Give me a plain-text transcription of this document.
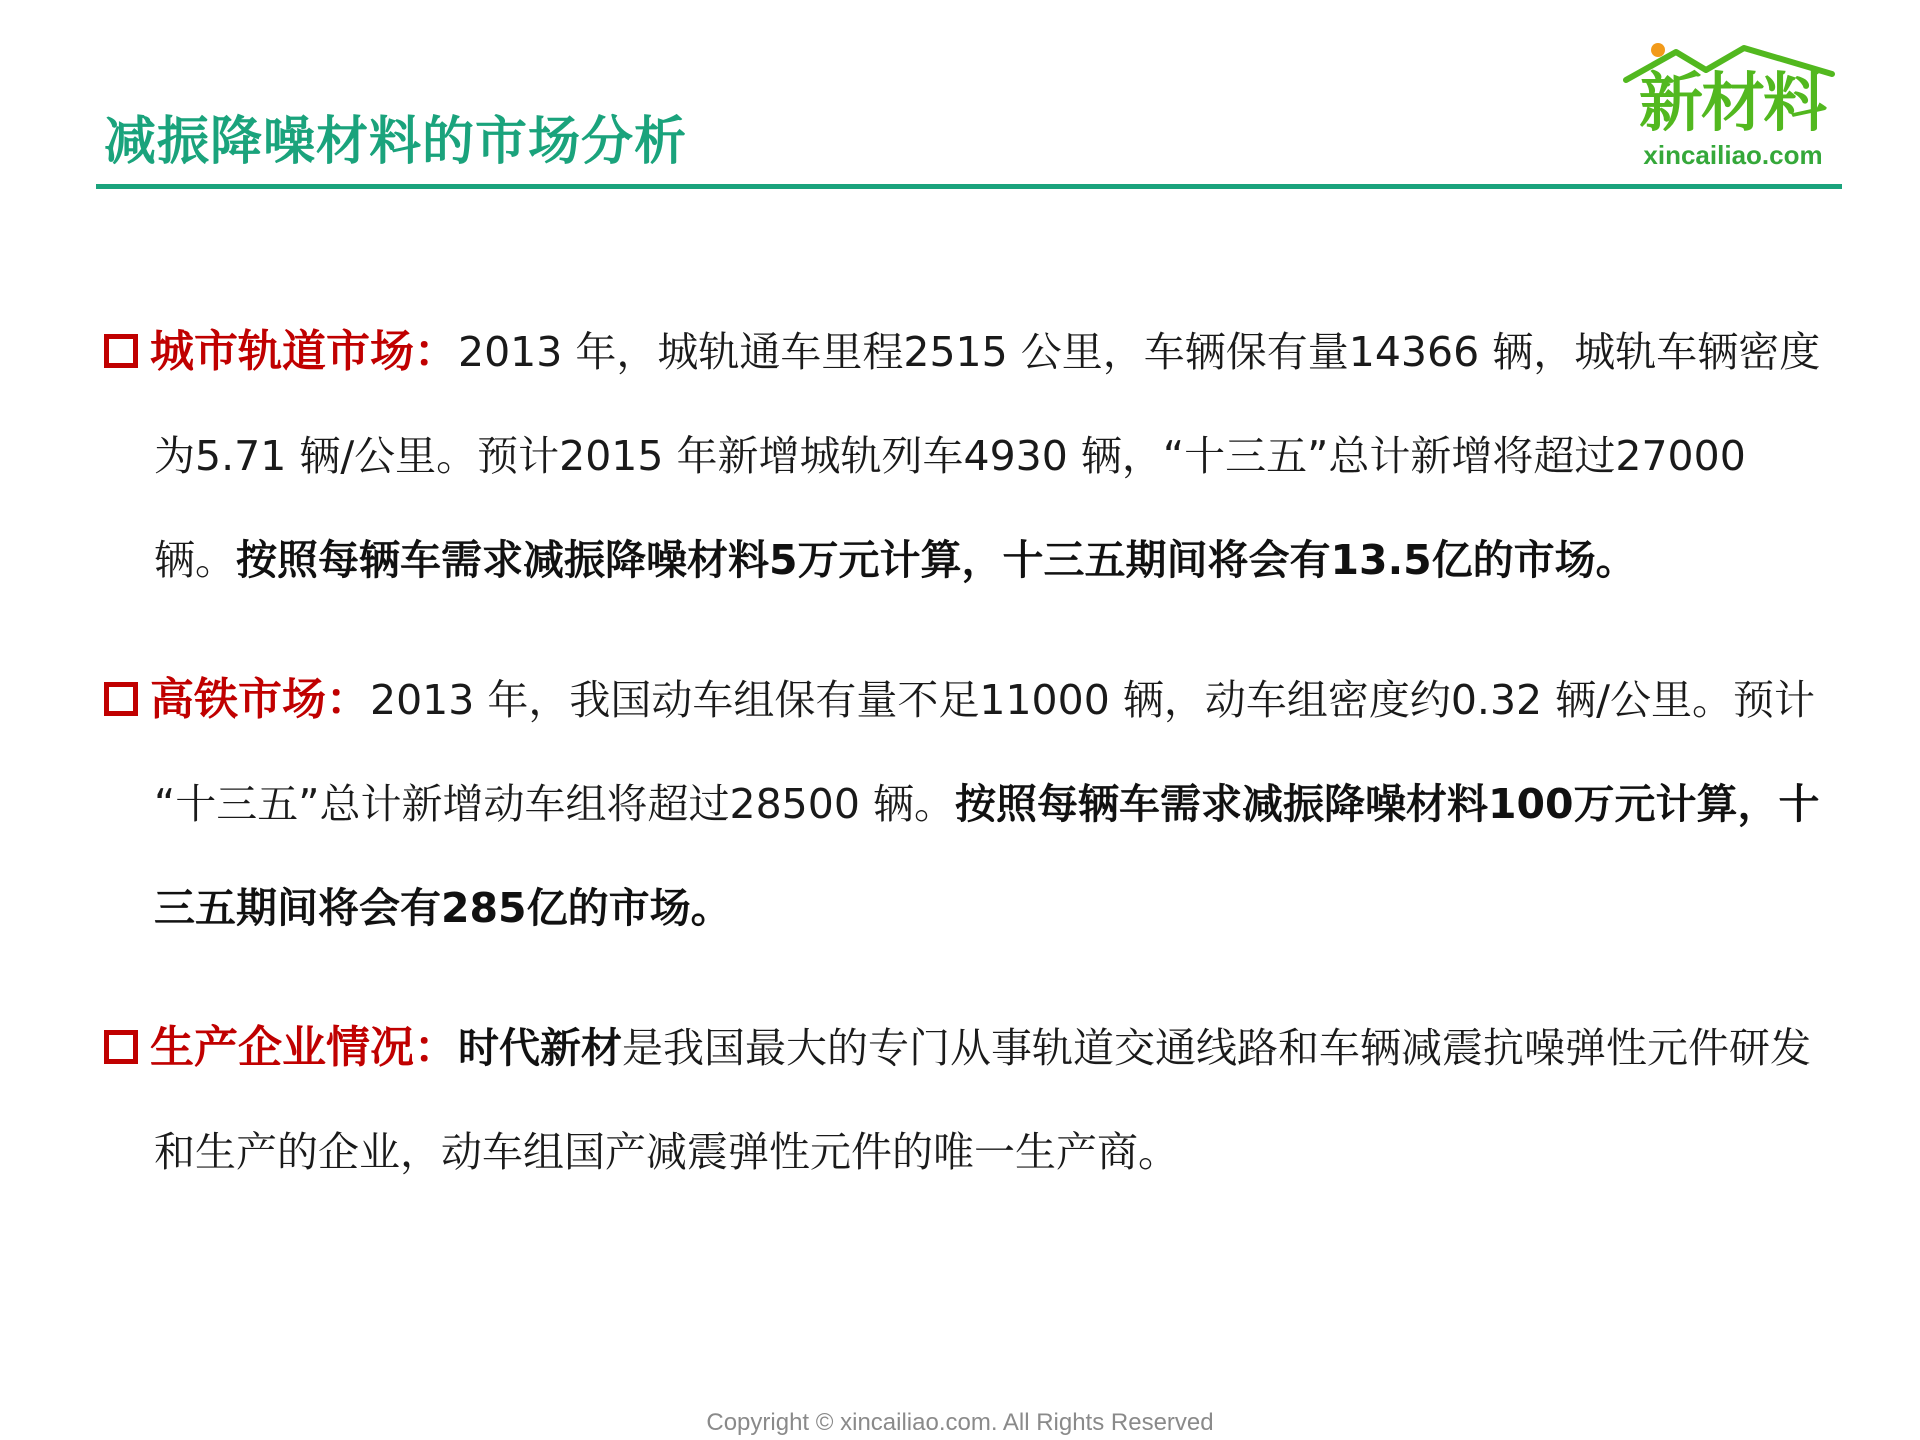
减振降噪材料的市场分析
新材料
xincailiao.com

城市轨道市场：2013 年，城轨通车里程2515 公里，车辆保有量14366 辆，城轨车辆密度为5.71 辆/公里。预计2015 年新增城轨列车4930 辆，“十三五”总计新增将超过27000 辆。按照每辆车需求减振降噪材料5万元计算，十三五期间将会有13.5亿的市场。

高铁市场：2013 年，我国动车组保有量不足11000 辆，动车组密度约0.32 辆/公里。预计 “十三五”总计新增动车组将超过28500 辆。按照每辆车需求减振降噪材料100万元计算，十三五期间将会有285亿的市场。

生产企业情况：时代新材是我国最大的专门从事轨道交通线路和车辆减震抗噪弹性元件研发和生产的企业，动车组国产减震弹性元件的唯一生产商。

Copyright © xincailiao.com. All Rights Reserved
